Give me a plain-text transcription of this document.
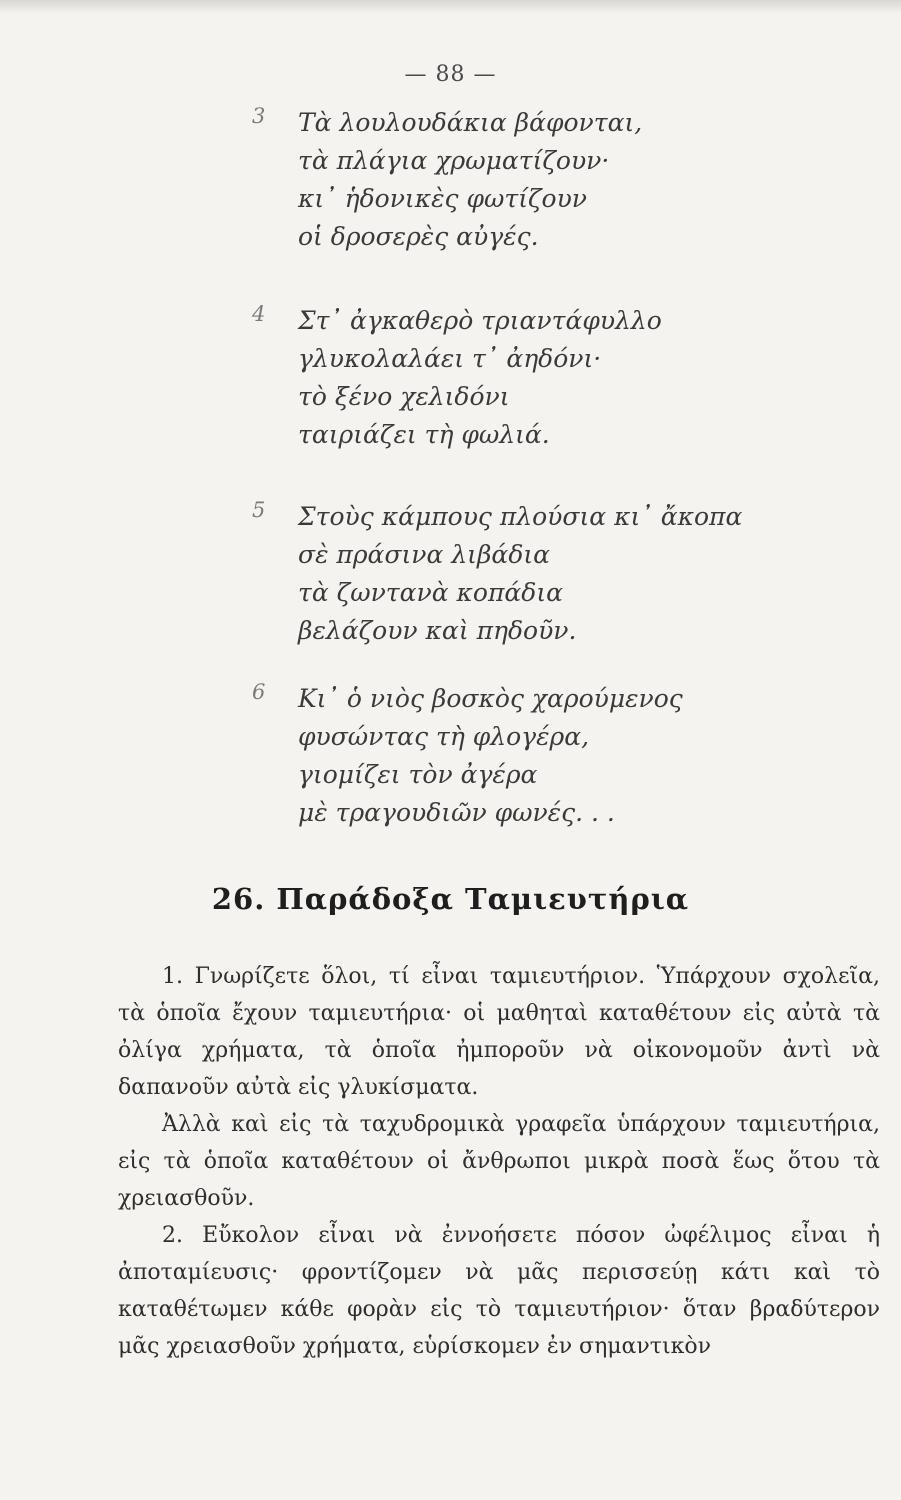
— 88 —
3 Τὰ λουλουδάκια βάφονται,
τὰ πλάγια χρωματίζουν·
κι᾽ ἡδονικὲς φωτίζουν
οἱ δροσερὲς αὐγές.
4 Στ᾽ ἀγκαθερὸ τριαντάφυλλο
γλυκολαλάει τ᾽ ἀηδόνι·
τὸ ξένο χελιδόνι
ταιριάζει τὴ φωλιά.
5 Στοὺς κάμπους πλούσια κι᾽ ἄκοπα
σὲ πράσινα λιβάδια
τὰ ζωντανὰ κοπάδια
βελάζουν καὶ πηδοῦν.
6 Κι᾽ ὁ νιὸς βοσκὸς χαρούμενος
φυσώντας τὴ φλογέρα,
γιομίζει τὸν ἀγέρα
μὲ τραγουδιῶν φωνές. . .
26. Παράδοξα Ταμιευτήρια

1. Γνωρίζετε ὅλοι, τί εἶναι ταμιευτήριον. Ὑπάρχουν σχολεῖα, τὰ ὁποῖα ἔχουν ταμιευτήρια· οἱ μαθηταὶ καταθέτουν εἰς αὐτὰ τὰ ὀλίγα χρήματα, τὰ ὁποῖα ἠμποροῦν νὰ οἰκονομοῦν ἀντὶ νὰ δαπανοῦν αὐτὰ εἰς γλυκίσματα.

Ἀλλὰ καὶ εἰς τὰ ταχυδρομικὰ γραφεῖα ὑπάρχουν ταμιευτήρια, εἰς τὰ ὁποῖα καταθέτουν οἱ ἄνθρωποι μικρὰ ποσὰ ἕως ὅτου τὰ χρειασθοῦν.

2. Εὔκολον εἶναι νὰ ἐννοήσετε πόσον ὠφέλιμος εἶναι ἡ ἀποταμίευσις· φροντίζομεν νὰ μᾶς περισσεύῃ κάτι καὶ τὸ καταθέτωμεν κάθε φορὰν εἰς τὸ ταμιευτήριον· ὅταν βραδύτερον μᾶς χρειασθοῦν χρήματα, εὑρίσκομεν ἐν σημαντικὸν
